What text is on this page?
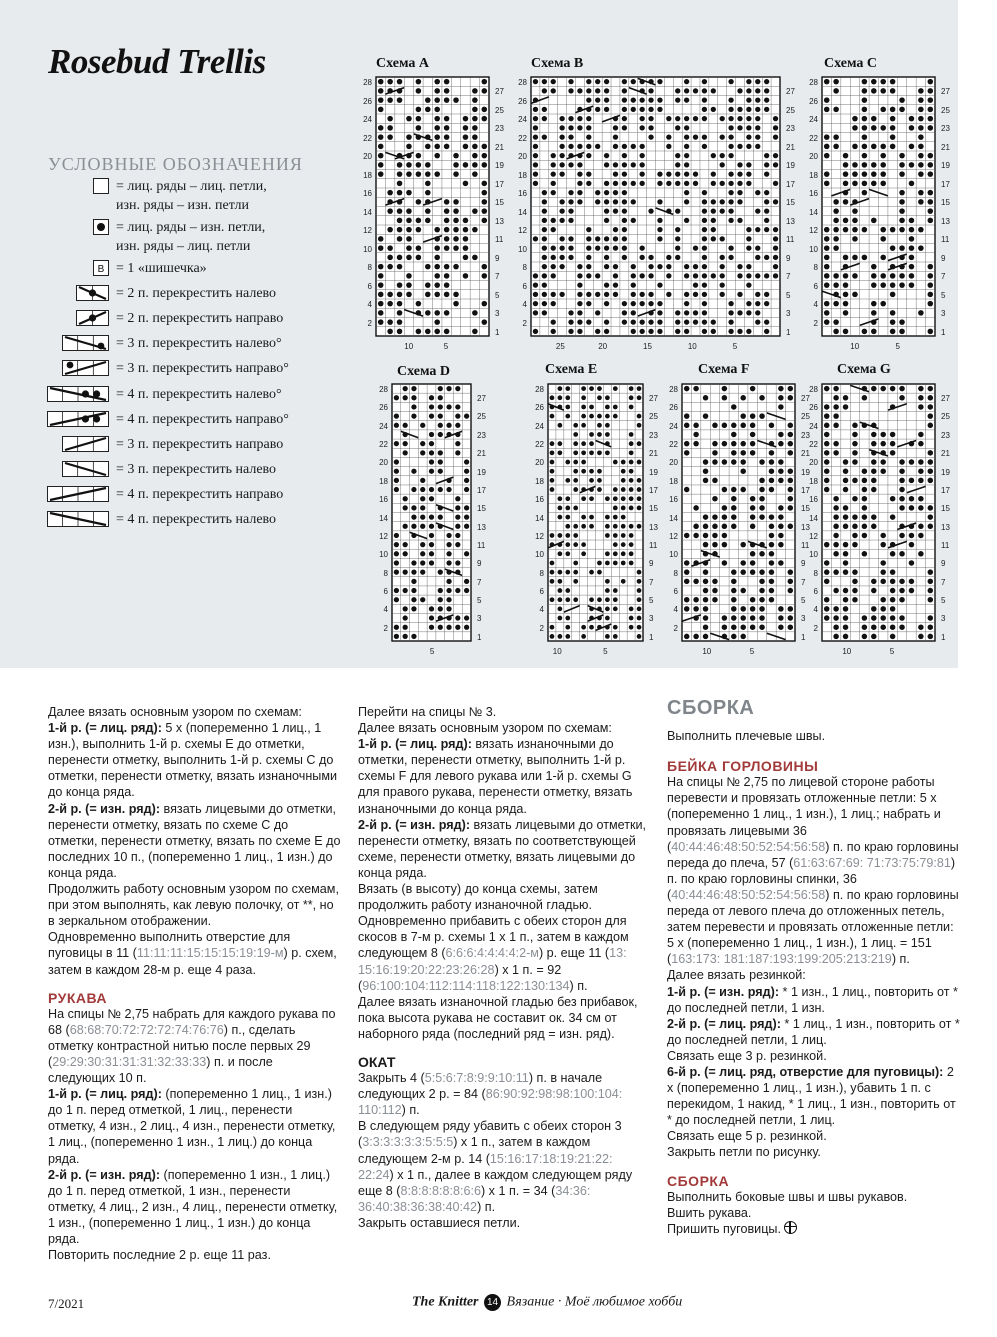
Rosebud Trellis
УСЛОВНЫЕ ОБОЗНАЧЕНИЯ
= лиц. ряды – лиц. петли,
изн. ряды – изн. петли
= лиц. ряды – изн. петли,
изн. ряды – лиц. петли
B = 1 «шишечка»
= 2 п. перекрестить налево
= 2 п. перекрестить направо
= 3 п. перекрестить налево°
= 3 п. перекрестить направо°
= 4 п. перекрестить налево°
= 4 п. перекрестить направо°
= 3 п. перекрестить направо
= 3 п. перекрестить налево
= 4 п. перекрестить направо
= 4 п. перекрестить налево
Схема A
28
26
24
22
20
18
16
14
12
10
8
6
4
2
27
25
23
21
19
17
15
13
11
9
7
5
3
1
10	5
Схема B
28
26
24
22
20
18
16
14
12
10
8
6
4
2
27
25
23
21
19
17
15
13
11
9
7
5
3
1
25	20	15	10	5
Схема C
28
26
24
22
20
18
16
14
12
10
8
6
4
2
27
25
23
21
19
17
15
13
11
9
7
5
3
1
10	5
Схема D
28
26
24
22
20
18
16
14
12
10
8
6
4
2
27
25
23
21
19
17
15
13
11
9
7
5
3
1
5
Схема E
28
26
24
22
20
18
16
14
12
10
8
6
4
2
27
25
23
21
19
17
15
13
11
9
7
5
3
1
10	5
Схема F
28
26
24
22
20
18
16
14
12
10
8
6
4
2
27
25
23
21
19
17
15
13
11
9
7
5
3
1
10	5
Схема G
28
26
24
22
20
18
16
14
12
10
8
6
4
2
27
25
23
21
19
17
15
13
11
9
7
5
3
1
10	5

Далее вязать основным узором по схемам:

1-й р. (= лиц. ряд): 5 х (попеременно 1 лиц., 1 изн.), выполнить 1-й р. схемы E до отметки, перенести отметку, выполнить 1-й р. схемы C до отметки, перенести отметку, вязать изнаночными до конца ряда.

2-й р. (= изн. ряд): вязать лицевыми до отметки, перенести отметку, вязать по схеме C до отметки, перенести отметку, вязать по схеме E до последних 10 п., (попеременно 1 лиц., 1 изн.) до конца ряда.

Продолжить работу основным узором по схемам, при этом выполнять, как левую полочку, от **, но в зеркальном отображении.

Одновременно выполнить отверстие для пуговицы в 11 (11:11:11:15:15:15:19:19-м) р. схем, затем в каждом 28-м р. еще 4 раза.

РУКАВА

На спицы № 2,75 набрать для каждого рукава по 68 (68:68:70:72:72:72:74:76:76) п., сделать отметку контрастной нитью после первых 29 (29:29:30:31:31:31:32:33:33) п. и после следующих 10 п.

1-й р. (= лиц. ряд): (попеременно 1 лиц., 1 изн.) до 1 п. перед отметкой, 1 лиц., перенести отметку, 4 изн., 2 лиц., 4 изн., перенести отметку, 1 лиц., (попеременно 1 изн., 1 лиц.) до конца ряда.

2-й р. (= изн. ряд): (попеременно 1 изн., 1 лиц.) до 1 п. перед отметкой, 1 изн., перенести отметку, 4 лиц., 2 изн., 4 лиц., перенести отметку, 1 изн., (попеременно 1 лиц., 1 изн.) до конца ряда.

Повторить последние 2 р. еще 11 раз.

Перейти на спицы № 3.

Далее вязать основным узором по схемам:

1-й р. (= лиц. ряд): вязать изнаночными до отметки, перенести отметку, выполнить 1-й р. схемы F для левого рукава или 1-й р. схемы G для правого рукава, перенести отметку, вязать изнаночными до конца ряда.

2-й р. (= изн. ряд): вязать лицевыми до отметки, перенести отметку, вязать по соответствующей схеме, перенести отметку, вязать лицевыми до конца ряда.

Вязать (в высоту) до конца схемы, затем продолжить работу изнаночной гладью.

Одновременно прибавить с обеих сторон для скосов в 7-м р. схемы 1 х 1 п., затем в каждом следующем 8 (6:6:6:4:4:4:4:2-м) р. еще 11 (13: 15:16:19:20:22:23:26:28) х 1 п. = 92 (96:100:104:112:114:118:122:130:134) п.

Далее вязать изнаночной гладью без прибавок, пока высота рукава не составит ок. 34 см от наборного ряда (последний ряд = изн. ряд).

ОКАТ

Закрыть 4 (5:5:6:7:8:9:9:10:11) п. в начале следующих 2 р. = 84 (86:90:92:98:98:100:104: 110:112) п.

В следующем ряду убавить с обеих сторон 3 (3:3:3:3:3:3:5:5:5) х 1 п., затем в каждом следующем 2-м р. 14 (15:16:17:18:19:21:22: 22:24) х 1 п., далее в каждом следующем ряду еще 8 (8:8:8:8:8:8:6:6) х 1 п. = 34 (34:36: 36:40:38:36:38:40:42) п.

Закрыть оставшиеся петли.

СБОРКА

Выполнить плечевые швы.

БЕЙКА ГОРЛОВИНЫ

На спицы № 2,75 по лицевой стороне работы перевести и провязать отложенные петли: 5 х (попеременно 1 лиц., 1 изн.), 1 лиц.; набрать и провязать лицевыми 36 (40:44:46:48:50:52:54:56:58) п. по краю горловины переда до плеча, 57 (61:63:67:69: 71:73:75:79:81) п. по краю горловины спинки, 36 (40:44:46:48:50:52:54:56:58) п. по краю горловины переда от левого плеча до отложенных петель, затем перевести и провязать отложенные петли: 5 х (попеременно 1 лиц., 1 изн.), 1 лиц. = 151 (163:173: 181:187:193:199:205:213:219) п.

Далее вязать резинкой:

1-й р. (= изн. ряд): * 1 изн., 1 лиц., повторить от * до последней петли, 1 изн.

2-й р. (= лиц. ряд): * 1 лиц., 1 изн., повторить от * до последней петли, 1 лиц.

Связать еще 3 р. резинкой.

6-й р. (= лиц. ряд, отверстие для пуговицы): 2 х (попеременно 1 лиц., 1 изн.), убавить 1 п. с перекидом, 1 накид, * 1 лиц., 1 изн., повторить от * до последней петли, 1 лиц.

Связать еще 5 р. резинкой.

Закрыть петли по рисунку.

СБОРКА

Выполнить боковые швы и швы рукавов.

Вшить рукава.

Пришить пуговицы.

7/2021	The Knitter 14 Вязание · Моё любимое хобби
